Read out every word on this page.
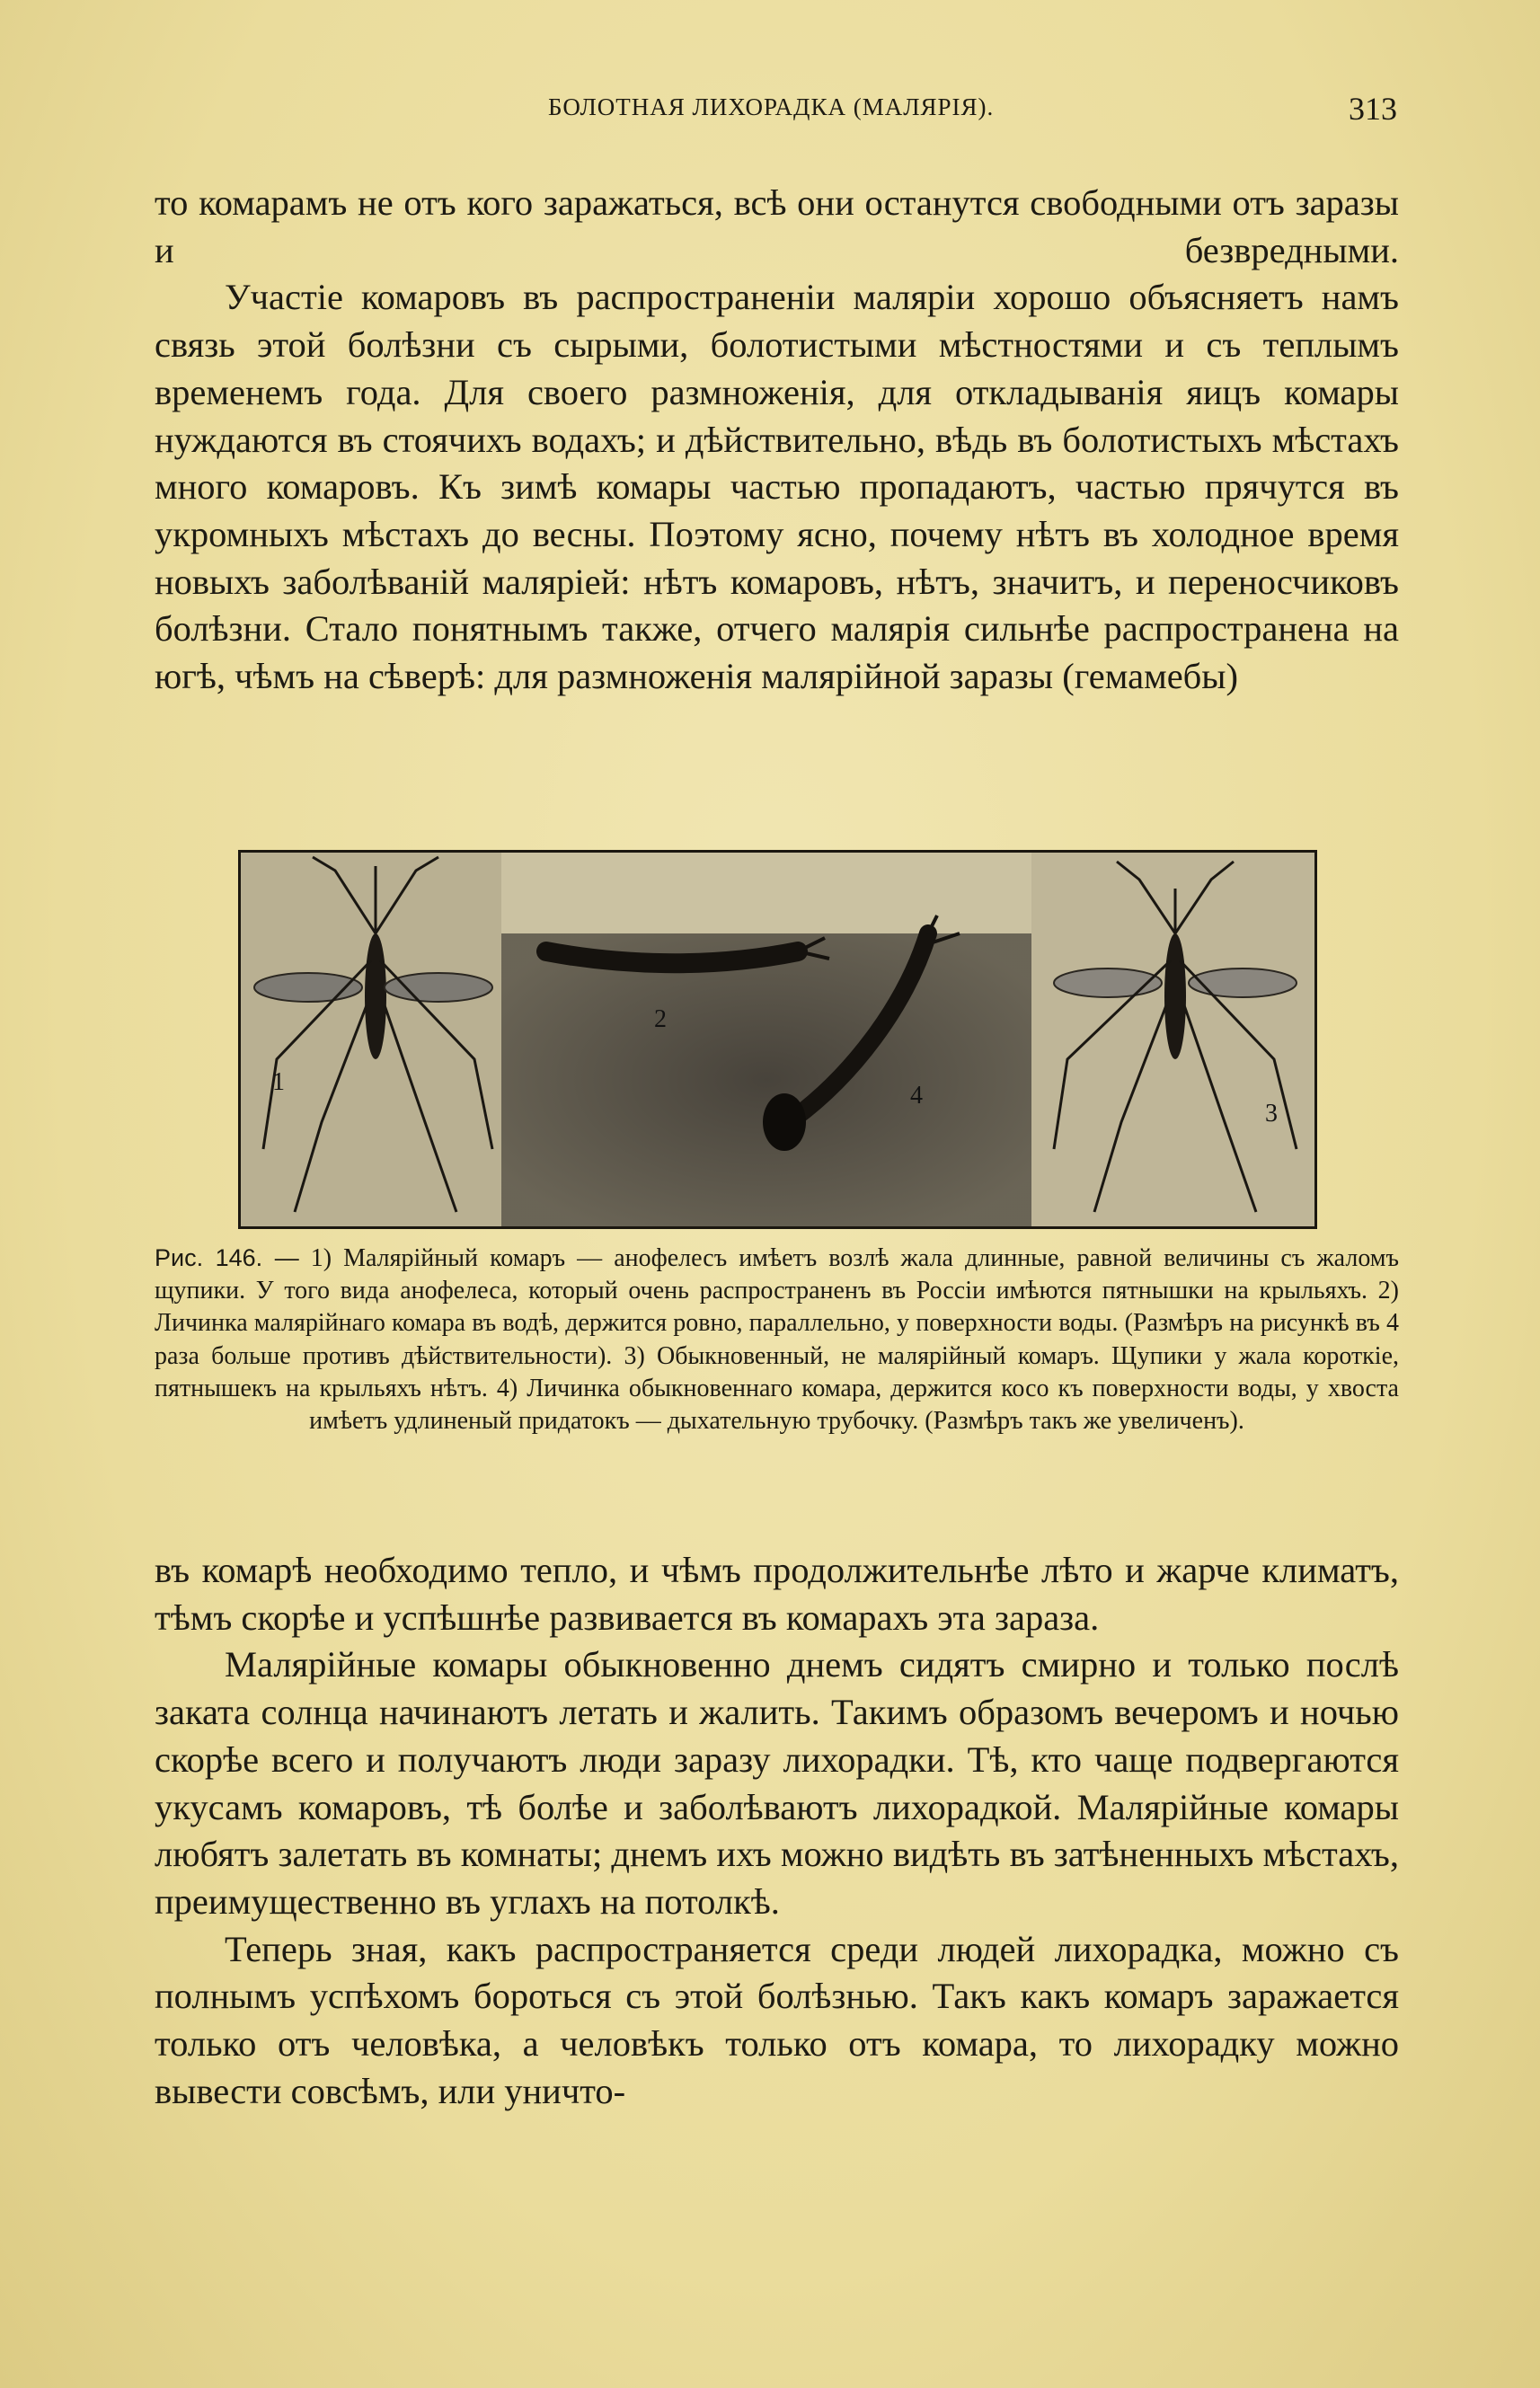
БОЛОТНАЯ ЛИХОРАДКА (МАЛЯРІЯ).	313

то комарамъ не отъ кого заражаться, всѣ они останутся свободными отъ заразы и безвредными.

Участіе комаровъ въ распространеніи маляріи хорошо объясняетъ намъ связь этой болѣзни съ сырыми, болотистыми мѣстностями и съ теплымъ временемъ года. Для своего размноженія, для откладыванія яицъ комары нуждаются въ стоячихъ водахъ; и дѣйствительно, вѣдь въ болотистыхъ мѣстахъ много комаровъ. Къ зимѣ комары частью пропадаютъ, частью прячутся въ укромныхъ мѣстахъ до весны. Поэтому ясно, почему нѣтъ въ холодное время новыхъ заболѣваній маляріей: нѣтъ комаровъ, нѣтъ, значитъ, и переносчиковъ болѣзни. Стало понятнымъ также, отчего малярія сильнѣе распространена на югѣ, чѣмъ на сѣверѣ: для размноженія малярійной заразы (гемамебы)

1
2
4
3
Рис. 146. — 1) Малярійный комаръ — анофелесъ имѣетъ возлѣ жала длинные, равной величины съ жаломъ щупики. У того вида анофелеса, который очень распространенъ въ Россіи имѣются пятнышки на крыльяхъ. 2) Личинка малярійнаго комара въ водѣ, держится ровно, параллельно, у поверхности воды. (Размѣръ на рисункѣ въ 4 раза больше противъ дѣйствительности). 3) Обыкновенный, не малярійный комаръ. Щупики у жала короткіе, пятнышекъ на крыльяхъ нѣтъ. 4) Личинка обыкновеннаго комара, держится косо къ поверхности воды, у хвоста имѣетъ удлиненый придатокъ — дыхательную трубочку. (Размѣръ такъ же увеличенъ).

въ комарѣ необходимо тепло, и чѣмъ продолжительнѣе лѣто и жарче климатъ, тѣмъ скорѣе и успѣшнѣе развивается въ комарахъ эта зараза.

Малярійные комары обыкновенно днемъ сидятъ смирно и только послѣ заката солнца начинаютъ летать и жалить. Такимъ образомъ вечеромъ и ночью скорѣе всего и получаютъ люди заразу лихорадки. Тѣ, кто чаще подвергаются укусамъ комаровъ, тѣ болѣе и заболѣваютъ лихорадкой. Малярійные комары любятъ залетать въ комнаты; днемъ ихъ можно видѣть въ затѣненныхъ мѣстахъ, преимущественно въ углахъ на потолкѣ.

Теперь зная, какъ распространяется среди людей лихорадка, можно съ полнымъ успѣхомъ бороться съ этой болѣзнью. Такъ какъ комаръ заражается только отъ человѣка, а человѣкъ только отъ комара, то лихорадку можно вывести совсѣмъ, или уничто-
